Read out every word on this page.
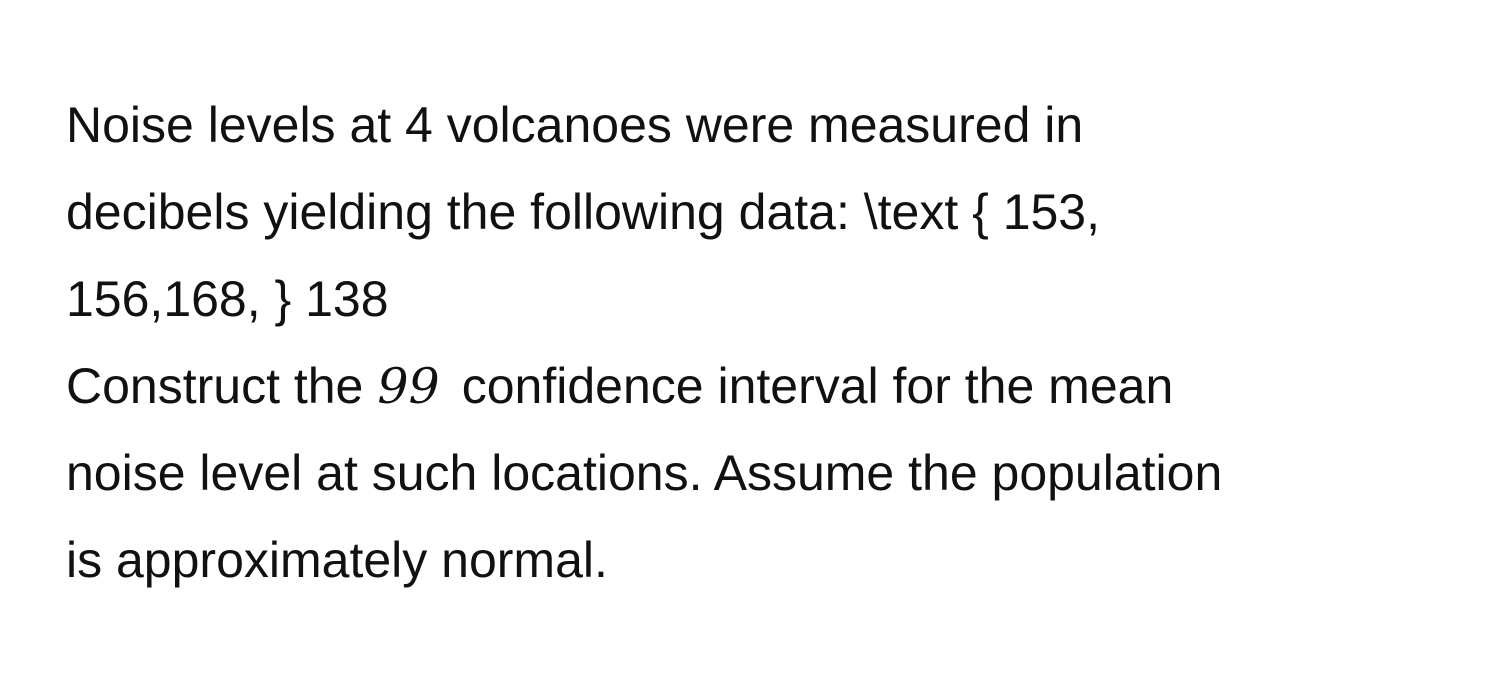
Noise levels at 4 volcanoes were measured in
decibels yielding the following data: \text { 153,
156,168, } 138
Construct the 99 confidence interval for the mean
noise level at such locations. Assume the population
is approximately normal.
